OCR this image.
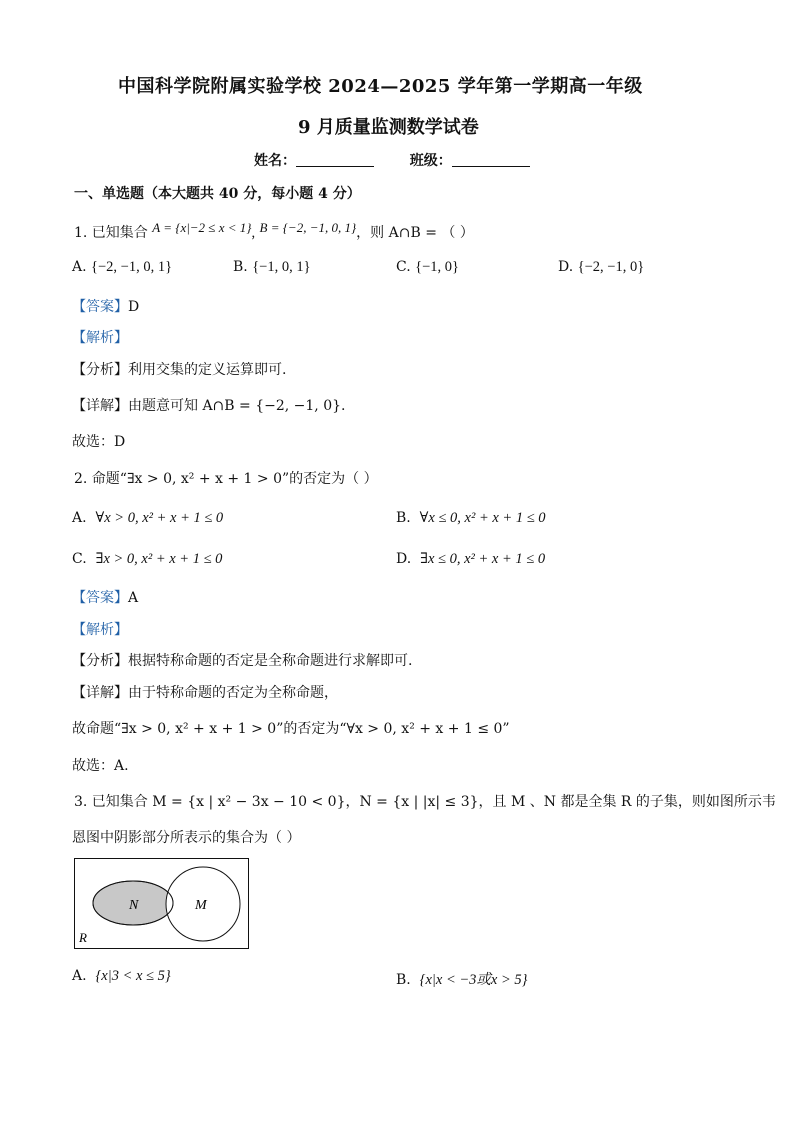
中国科学院附属实验学校 2024—2025 学年第一学期高一年级
9 月质量监测数学试卷
姓名：	班级：
一、单选题（本大题共 40 分，每小题 4 分）
1. 已知集合 A = {x|−2 ≤ x < 1}, B = {−2, −1, 0, 1}，则 A∩B = （ ）
A. {−2, −1, 0, 1}	B. {−1, 0, 1}	C. {−1, 0}	D. {−2, −1, 0}
【答案】D
【解析】
【分析】利用交集的定义运算即可.
【详解】由题意可知 A∩B = {−2, −1, 0}.
故选：D
2. 命题“∃x > 0, x² + x + 1 > 0”的否定为（ ）
A. ∀x > 0, x² + x + 1 ≤ 0	B. ∀x ≤ 0, x² + x + 1 ≤ 0
C. ∃x > 0, x² + x + 1 ≤ 0	D. ∃x ≤ 0, x² + x + 1 ≤ 0
【答案】A
【解析】
【分析】根据特称命题的否定是全称命题进行求解即可.
【详解】由于特称命题的否定为全称命题，
故命题“∃x > 0, x² + x + 1 > 0”的否定为“∀x > 0, x² + x + 1 ≤ 0”
故选：A.
3. 已知集合 M = {x | x² − 3x − 10 < 0}，N = {x | |x| ≤ 3}，且 M 、N 都是全集 R 的子集，则如图所示韦
恩图中阴影部分所表示的集合为（ ）
N	M
R
A. {x|3 < x ≤ 5}	B. {x|x < −3或x > 5}
